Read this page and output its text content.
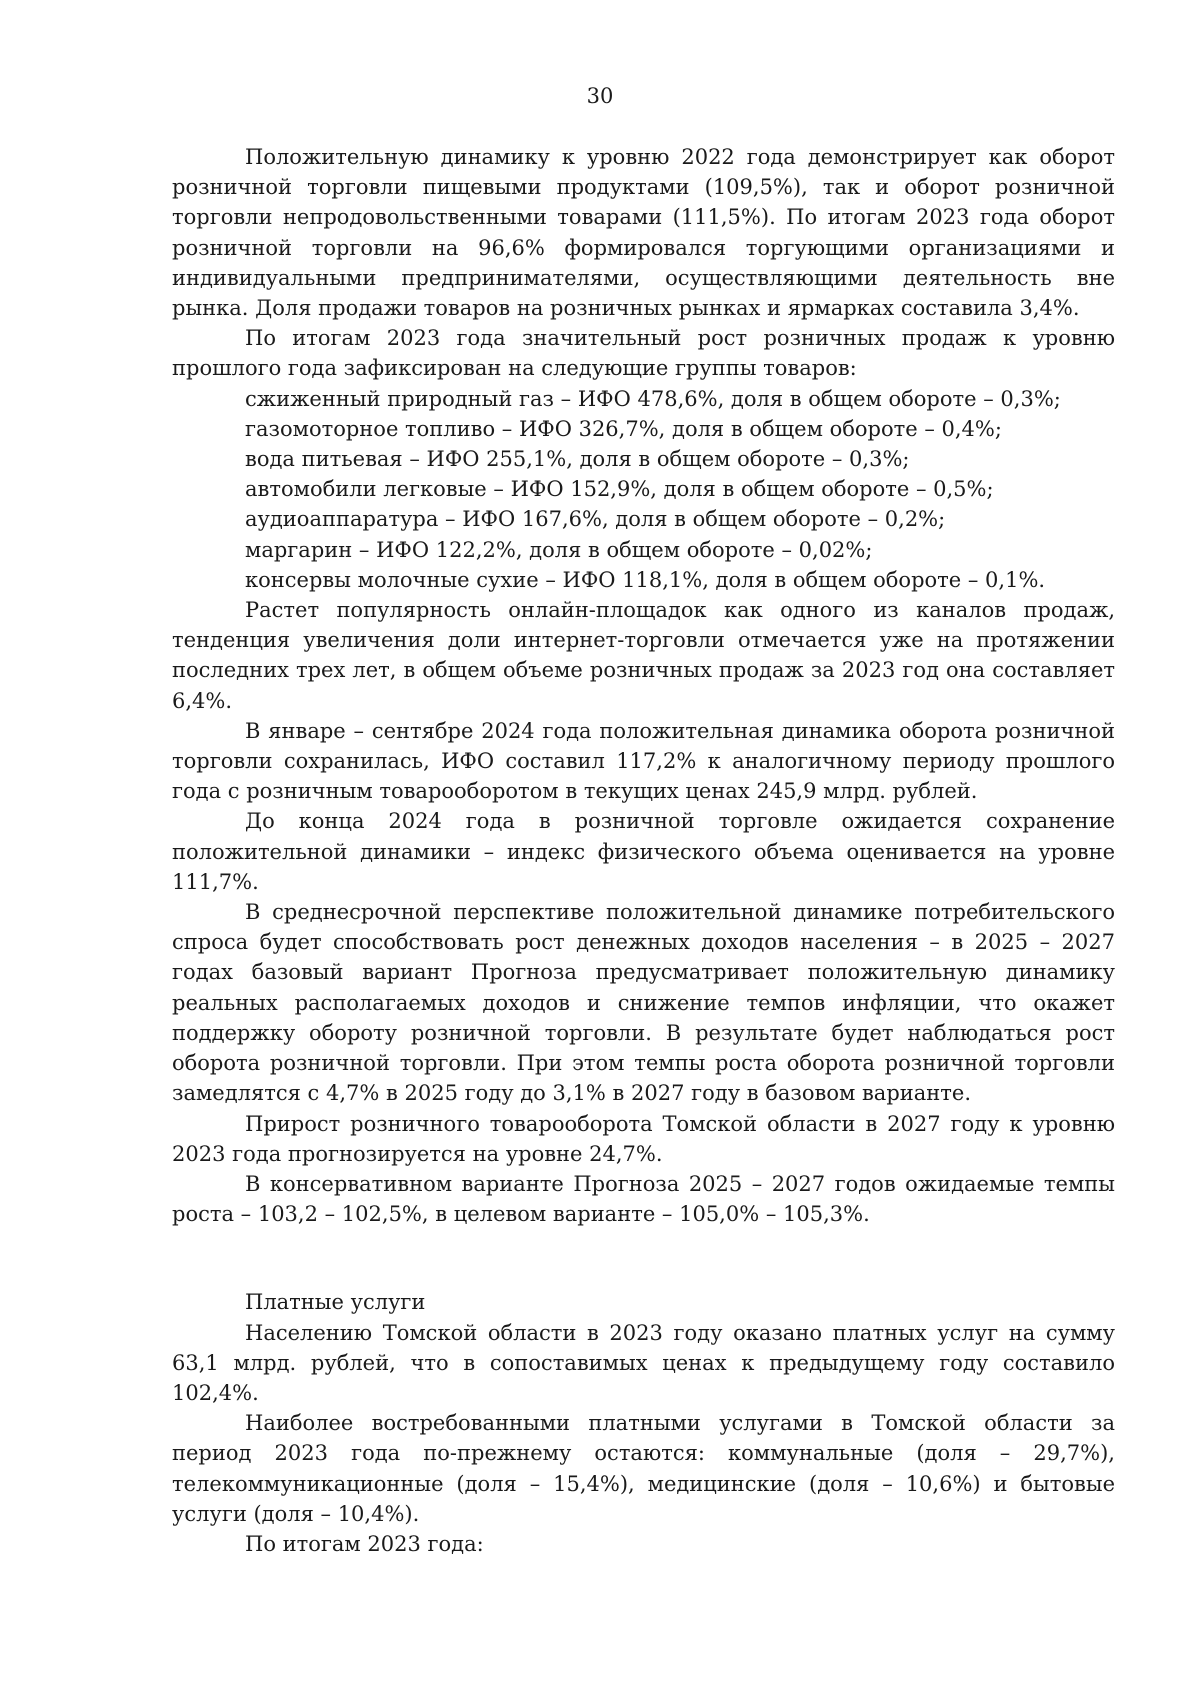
30

Положительную динамику к уровню 2022 года демонстрирует как оборот розничной торговли пищевыми продуктами (109,5%), так и оборот розничной торговли непродовольственными товарами (111,5%). По итогам 2023 года оборот розничной торговли на 96,6% формировался торгующими организациями и индивидуальными предпринимателями, осуществляющими деятельность вне рынка. Доля продажи товаров на розничных рынках и ярмарках составила 3,4%.

По итогам 2023 года значительный рост розничных продаж к уровню прошлого года зафиксирован на следующие группы товаров:

сжиженный природный газ – ИФО 478,6%, доля в общем обороте – 0,3%;

газомоторное топливо – ИФО 326,7%, доля в общем обороте – 0,4%;

вода питьевая – ИФО 255,1%, доля в общем обороте – 0,3%;

автомобили легковые – ИФО 152,9%, доля в общем обороте – 0,5%;

аудиоаппаратура – ИФО 167,6%, доля в общем обороте – 0,2%;

маргарин – ИФО 122,2%, доля в общем обороте – 0,02%;

консервы молочные сухие – ИФО 118,1%, доля в общем обороте – 0,1%.

Растет популярность онлайн-площадок как одного из каналов продаж, тенденция увеличения доли интернет-торговли отмечается уже на протяжении последних трех лет, в общем объеме розничных продаж за 2023 год она составляет 6,4%.

В январе – сентябре 2024 года положительная динамика оборота розничной торговли сохранилась, ИФО составил 117,2% к аналогичному периоду прошлого года с розничным товарооборотом в текущих ценах 245,9 млрд. рублей.

До конца 2024 года в розничной торговле ожидается сохранение положительной динамики – индекс физического объема оценивается на уровне 111,7%.

В среднесрочной перспективе положительной динамике потребительского спроса будет способствовать рост денежных доходов населения – в 2025 – 2027 годах базовый вариант Прогноза предусматривает положительную динамику реальных располагаемых доходов и снижение темпов инфляции, что окажет поддержку обороту розничной торговли. В результате будет наблюдаться рост оборота розничной торговли. При этом темпы роста оборота розничной торговли замедлятся с 4,7% в 2025 году до 3,1% в 2027 году в базовом варианте.

Прирост розничного товарооборота Томской области в 2027 году к уровню 2023 года прогнозируется на уровне 24,7%.

В консервативном варианте Прогноза 2025 – 2027 годов ожидаемые темпы роста – 103,2 – 102,5%, в целевом варианте – 105,0% – 105,3%.

Платные услуги

Населению Томской области в 2023 году оказано платных услуг на сумму 63,1 млрд. рублей, что в сопоставимых ценах к предыдущему году составило 102,4%.

Наиболее востребованными платными услугами в Томской области за период 2023 года по-прежнему остаются: коммунальные (доля – 29,7%), телекоммуникационные (доля – 15,4%), медицинские (доля – 10,6%) и бытовые услуги (доля – 10,4%).

По итогам 2023 года:
